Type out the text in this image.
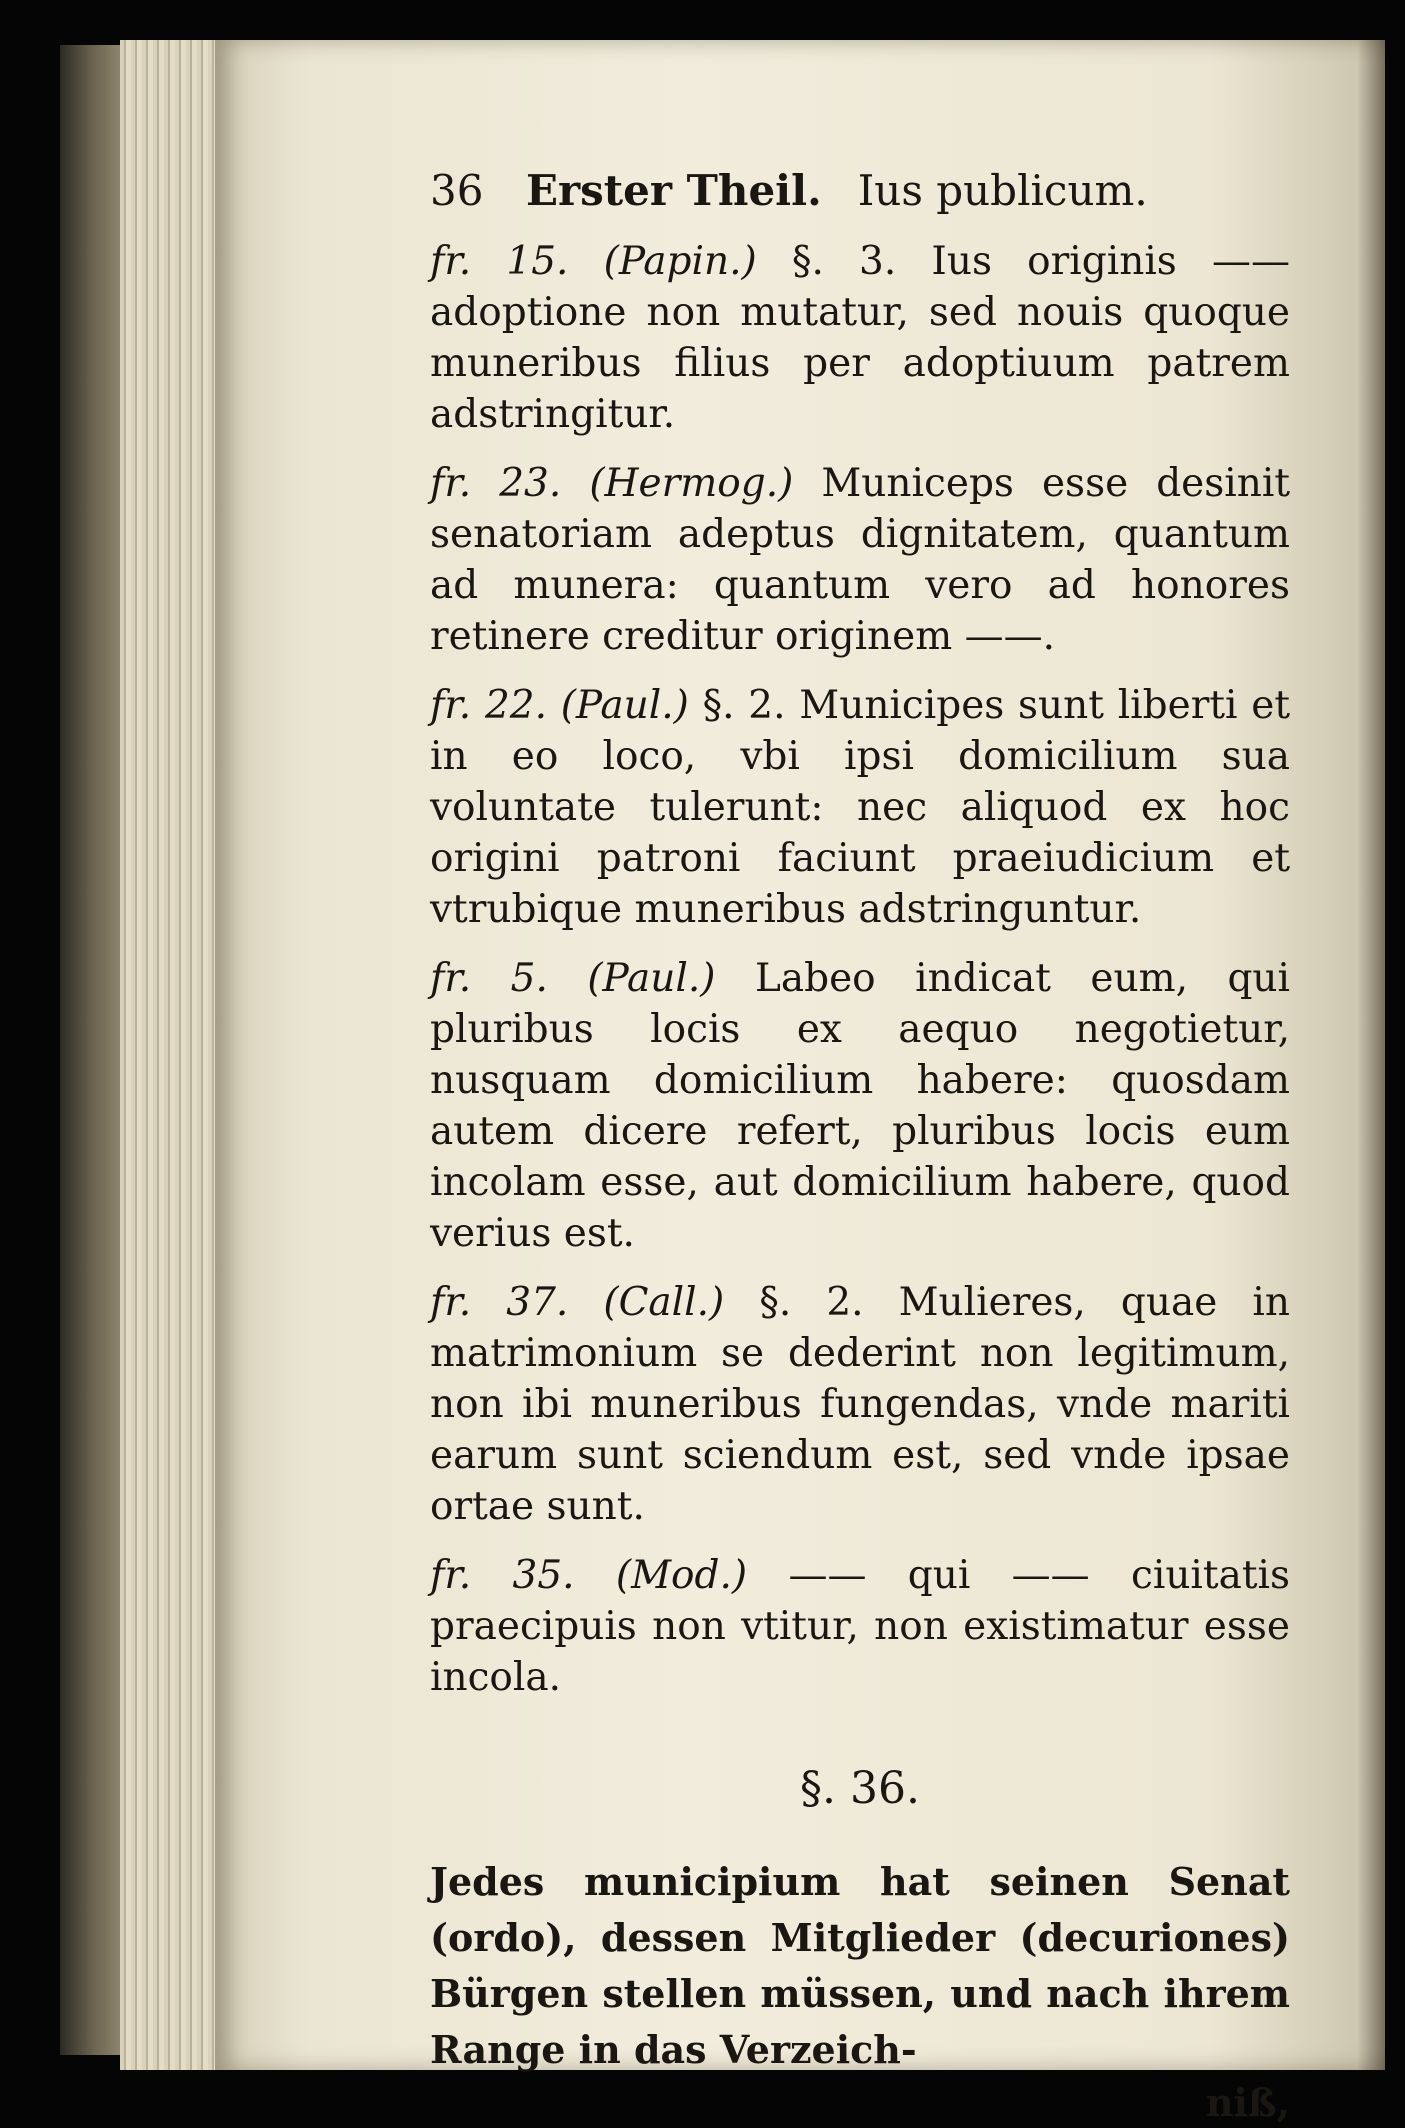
36 Erster Theil. Ius publicum.
fr. 15. (Papin.) §. 3. Ius originis —— adoptione non mutatur, sed nouis quoque muneribus filius per adoptiuum patrem adstringitur.
fr. 23. (Hermog.) Municeps esse desinit senatoriam adeptus dignitatem, quantum ad munera: quantum vero ad honores retinere creditur originem ——.
fr. 22. (Paul.) §. 2. Municipes sunt liberti et in eo loco, vbi ipsi domicilium sua voluntate tulerunt: nec aliquod ex hoc origini patroni faciunt praeiudicium et vtrubique muneribus adstringuntur.
fr. 5. (Paul.) Labeo indicat eum, qui pluribus locis ex aequo negotietur, nusquam domicilium habere: quosdam autem dicere refert, pluribus locis eum incolam esse, aut domicilium habere, quod verius est.
fr. 37. (Call.) §. 2. Mulieres, quae in matrimonium se dederint non legitimum, non ibi muneribus fungendas, vnde mariti earum sunt sciendum est, sed vnde ipsae ortae sunt.
fr. 35. (Mod.) —— qui —— ciuitatis praecipuis non vtitur, non existimatur esse incola.
§. 36.
Jedes municipium hat seinen Senat (ordo), dessen Mitglieder (decuriones) Bürgen stellen müssen, und nach ihrem Range in das Verzeich-
niß,
